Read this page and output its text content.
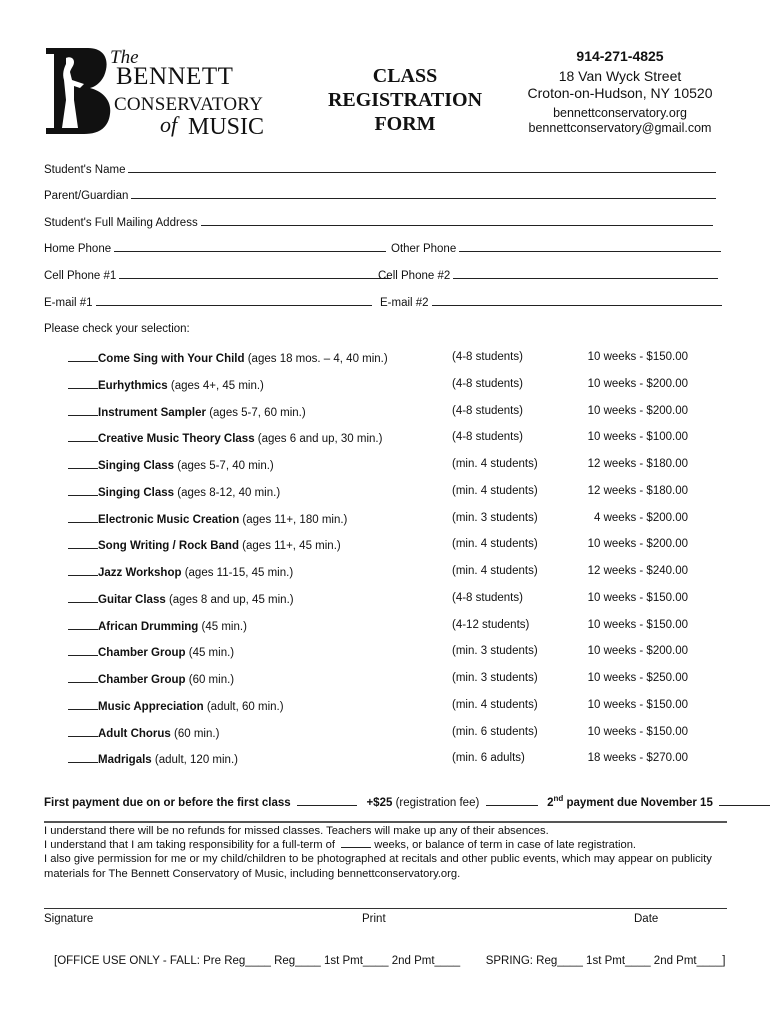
The
BENNETT
CONSERVATORY
of MUSIC
CLASS
REGISTRATION
FORM
914-271-4825
18 Van Wyck Street
Croton-on-Hudson, NY 10520
bennettconservatory.org
bennettconservatory@gmail.com
Student's Name
Parent/Guardian
Student's Full Mailing Address
Home Phone	Other Phone
Cell Phone #1	Cell Phone #2
E-mail #1	E-mail #2
Please check your selection:
Come Sing with Your Child (ages 18 mos. – 4, 40 min.)	(4-8 students)	10 weeks - $150.00
Eurhythmics (ages 4+, 45 min.)	(4-8 students)	10 weeks - $200.00
Instrument Sampler (ages 5-7, 60 min.)	(4-8 students)	10 weeks - $200.00
Creative Music Theory Class (ages 6 and up, 30 min.)	(4-8 students)	10 weeks - $100.00
Singing Class (ages 5-7, 40 min.)	(min. 4 students)	12 weeks - $180.00
Singing Class (ages 8-12, 40 min.)	(min. 4 students)	12 weeks - $180.00
Electronic Music Creation (ages 11+, 180 min.)	(min. 3 students)	4 weeks - $200.00
Song Writing / Rock Band (ages 11+, 45 min.)	(min. 4 students)	10 weeks - $200.00
Jazz Workshop (ages 11-15, 45 min.)	(min. 4 students)	12 weeks - $240.00
Guitar Class (ages 8 and up, 45 min.)	(4-8 students)	10 weeks - $150.00
African Drumming (45 min.)	(4-12 students)	10 weeks - $150.00
Chamber Group (45 min.)	(min. 3 students)	10 weeks - $200.00
Chamber Group (60 min.)	(min. 3 students)	10 weeks - $250.00
Music Appreciation (adult, 60 min.)	(min. 4 students)	10 weeks - $150.00
Adult Chorus (60 min.)	(min. 6 students)	10 weeks - $150.00
Madrigals (adult, 120 min.)	(min. 6 adults)	18 weeks - $270.00
First payment due on or before the first class	+$25 (registration fee)	2nd payment due November 15
I understand there will be no refunds for missed classes. Teachers will make up any of their absences.
I understand that I am taking responsibility for a full-term of	weeks, or balance of term in case of late registration.
I also give permission for me or my child/children to be photographed at recitals and other public events, which may appear on publicity
materials for The Bennett Conservatory of Music, including bennettconservatory.org.
Signature	Print	Date
[OFFICE USE ONLY - FALL: Pre Reg____ Reg____ 1st Pmt____ 2nd Pmt____ SPRING: Reg____ 1st Pmt____ 2nd Pmt____]
